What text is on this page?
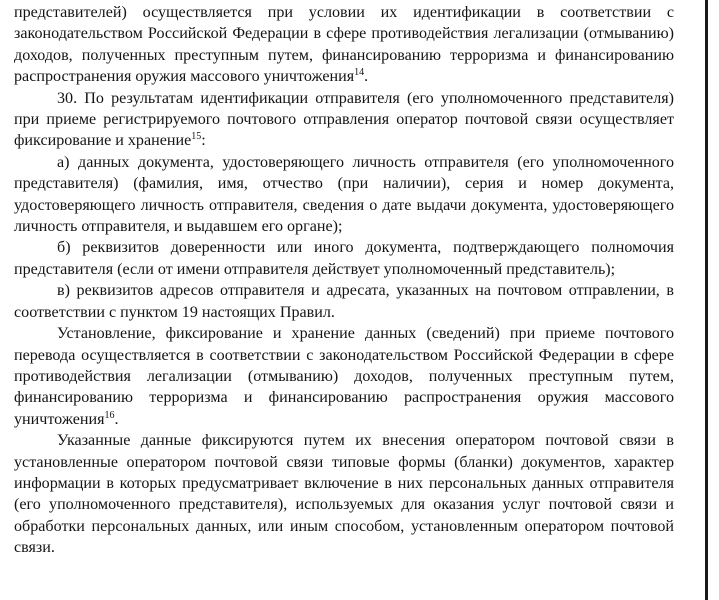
представителей) осуществляется при условии их идентификации в соответствии с законодательством Российской Федерации в сфере противодействия легализации (отмыванию) доходов, полученных преступным путем, финансированию терроризма и финансированию распространения оружия массового уничтожения$^{14}$.

30. По результатам идентификации отправителя (его уполномоченного представителя) при приеме регистрируемого почтового отправления оператор почтовой связи осуществляет фиксирование и хранение$^{15}$:

а) данных документа, удостоверяющего личность отправителя (его уполномоченного представителя) (фамилия, имя, отчество (при наличии), серия и номер документа, удостоверяющего личность отправителя, сведения о дате выдачи документа, удостоверяющего личность отправителя, и выдавшем его органе);

б) реквизитов доверенности или иного документа, подтверждающего полномочия представителя (если от имени отправителя действует уполномоченный представитель);

в) реквизитов адресов отправителя и адресата, указанных на почтовом отправлении, в соответствии с пунктом 19 настоящих Правил.

Установление, фиксирование и хранение данных (сведений) при приеме почтового перевода осуществляется в соответствии с законодательством Российской Федерации в сфере противодействия легализации (отмыванию) доходов, полученных преступным путем, финансированию терроризма и финансированию распространения оружия массового уничтожения$^{16}$.

Указанные данные фиксируются путем их внесения оператором почтовой связи в установленные оператором почтовой связи типовые формы (бланки) документов, характер информации в которых предусматривает включение в них персональных данных отправителя (его уполномоченного представителя), используемых для оказания услуг почтовой связи и обработки персональных данных, или иным способом, установленным оператором почтовой связи.
